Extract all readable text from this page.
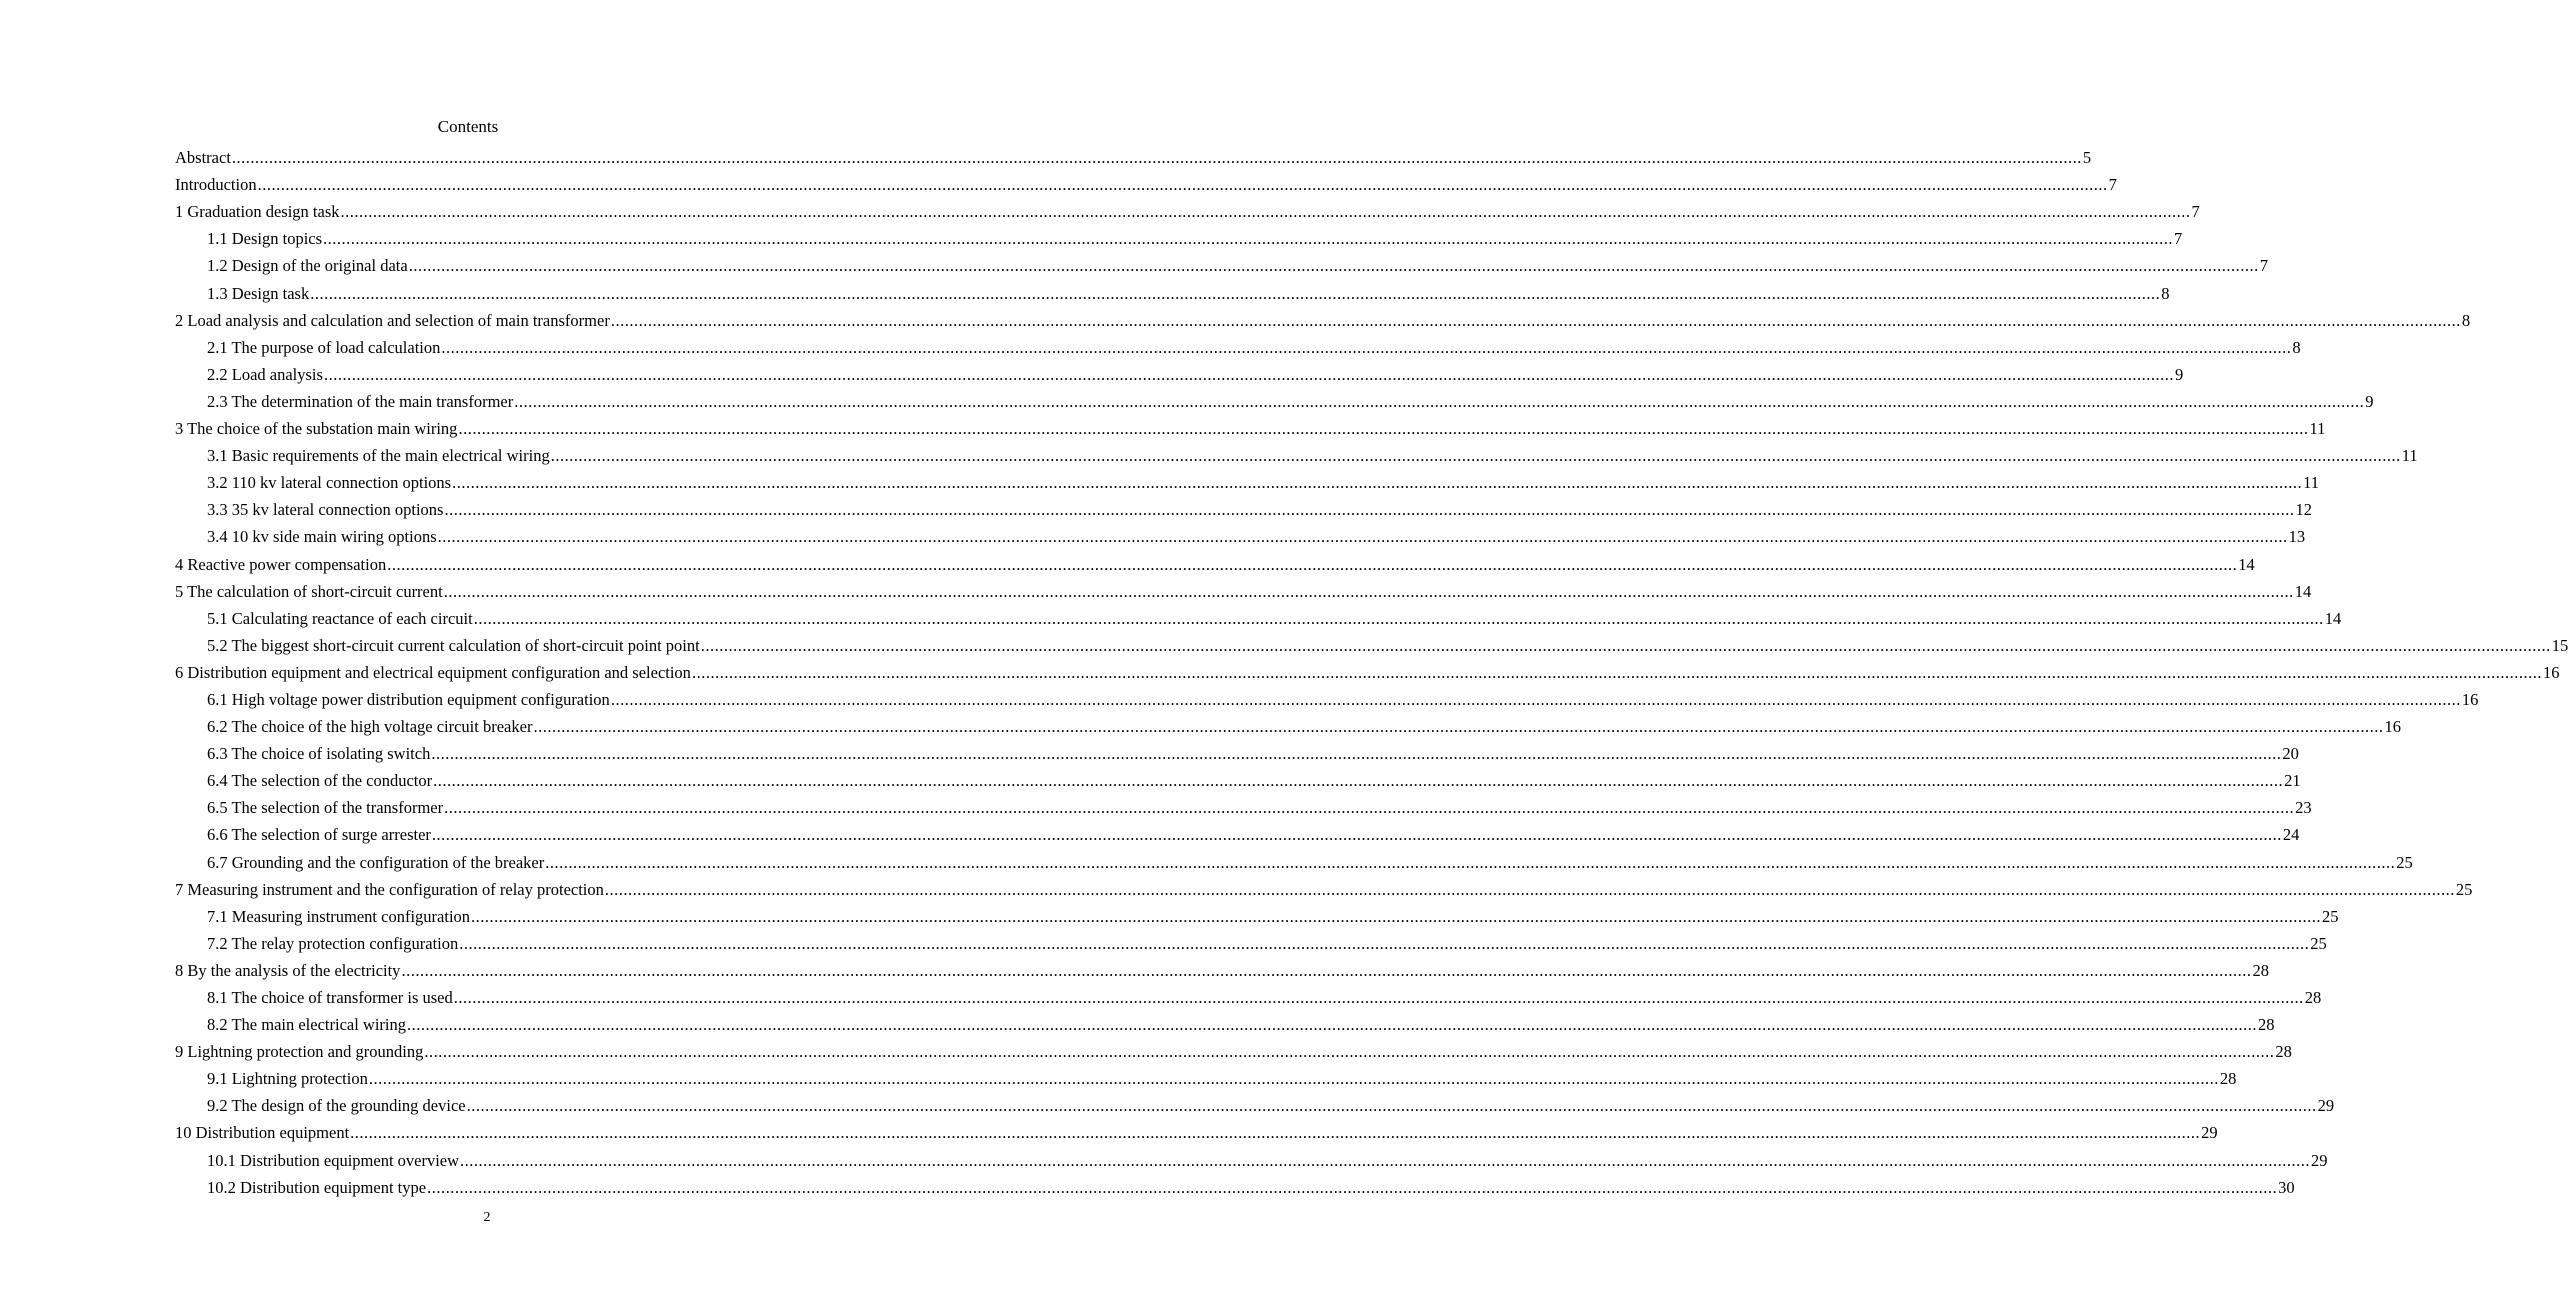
Contents
Abstract ................................................................................................................................................................................................................................................................................................................................................................................................................ 5
Introduction ................................................................................................................................................................................................................................................................................................................................................................................................................ 7
1 Graduation design task ................................................................................................................................................................................................................................................................................................................................................................................................................ 7
1.1 Design topics ................................................................................................................................................................................................................................................................................................................................................................................................................ 7
1.2 Design of the original data ................................................................................................................................................................................................................................................................................................................................................................................................................ 7
1.3 Design task ................................................................................................................................................................................................................................................................................................................................................................................................................ 8
2 Load analysis and calculation and selection of main transformer ................................................................................................................................................................................................................................................................................................................................................................................................................ 8
2.1 The purpose of load calculation ................................................................................................................................................................................................................................................................................................................................................................................................................ 8
2.2 Load analysis ................................................................................................................................................................................................................................................................................................................................................................................................................ 9
2.3 The determination of the main transformer ................................................................................................................................................................................................................................................................................................................................................................................................................ 9
3 The choice of the substation main wiring ................................................................................................................................................................................................................................................................................................................................................................................................................ 11
3.1 Basic requirements of the main electrical wiring ................................................................................................................................................................................................................................................................................................................................................................................................................ 11
3.2 110 kv lateral connection options ................................................................................................................................................................................................................................................................................................................................................................................................................ 11
3.3 35 kv lateral connection options ................................................................................................................................................................................................................................................................................................................................................................................................................ 12
3.4 10 kv side main wiring options ................................................................................................................................................................................................................................................................................................................................................................................................................ 13
4 Reactive power compensation ................................................................................................................................................................................................................................................................................................................................................................................................................ 14
5 The calculation of short-circuit current ................................................................................................................................................................................................................................................................................................................................................................................................................ 14
5.1 Calculating reactance of each circuit ................................................................................................................................................................................................................................................................................................................................................................................................................ 14
5.2 The biggest short-circuit current calculation of short-circuit point point ................................................................................................................................................................................................................................................................................................................................................................................................................ 15
6 Distribution equipment and electrical equipment configuration and selection ................................................................................................................................................................................................................................................................................................................................................................................................................ 16
6.1 High voltage power distribution equipment configuration ................................................................................................................................................................................................................................................................................................................................................................................................................ 16
6.2 The choice of the high voltage circuit breaker ................................................................................................................................................................................................................................................................................................................................................................................................................ 16
6.3 The choice of isolating switch ................................................................................................................................................................................................................................................................................................................................................................................................................ 20
6.4 The selection of the conductor ................................................................................................................................................................................................................................................................................................................................................................................................................ 21
6.5 The selection of the transformer ................................................................................................................................................................................................................................................................................................................................................................................................................ 23
6.6 The selection of surge arrester ................................................................................................................................................................................................................................................................................................................................................................................................................ 24
6.7 Grounding and the configuration of the breaker ................................................................................................................................................................................................................................................................................................................................................................................................................ 25
7 Measuring instrument and the configuration of relay protection ................................................................................................................................................................................................................................................................................................................................................................................................................ 25
7.1 Measuring instrument configuration ................................................................................................................................................................................................................................................................................................................................................................................................................ 25
7.2 The relay protection configuration ................................................................................................................................................................................................................................................................................................................................................................................................................ 25
8 By the analysis of the electricity ................................................................................................................................................................................................................................................................................................................................................................................................................ 28
8.1 The choice of transformer is used ................................................................................................................................................................................................................................................................................................................................................................................................................ 28
8.2 The main electrical wiring ................................................................................................................................................................................................................................................................................................................................................................................................................ 28
9 Lightning protection and grounding ................................................................................................................................................................................................................................................................................................................................................................................................................ 28
9.1 Lightning protection ................................................................................................................................................................................................................................................................................................................................................................................................................ 28
9.2 The design of the grounding device ................................................................................................................................................................................................................................................................................................................................................................................................................ 29
10 Distribution equipment ................................................................................................................................................................................................................................................................................................................................................................................................................ 29
10.1 Distribution equipment overview ................................................................................................................................................................................................................................................................................................................................................................................................................ 29
10.2 Distribution equipment type ................................................................................................................................................................................................................................................................................................................................................................................................................ 30
2
